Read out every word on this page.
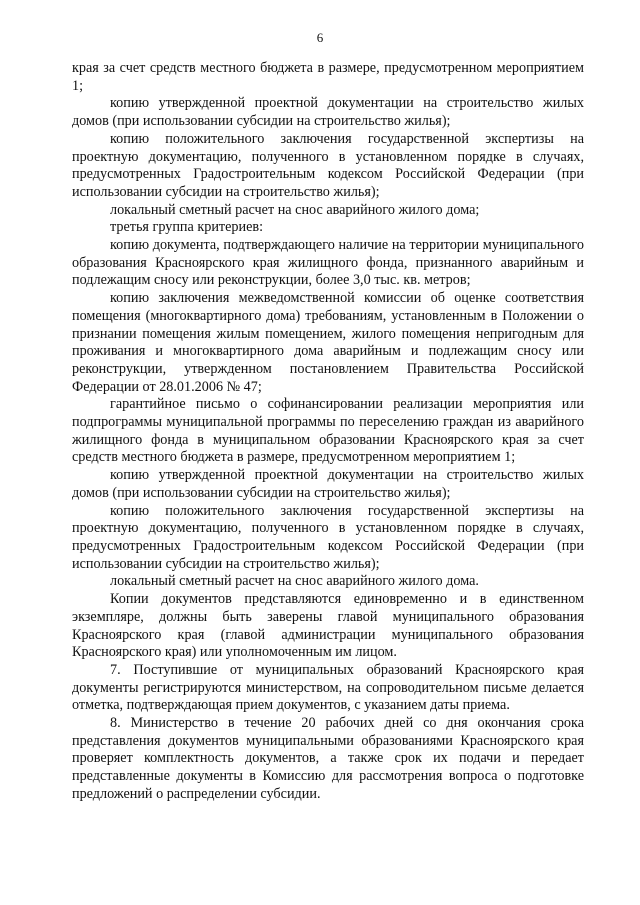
6

края за счет средств местного бюджета в размере, предусмотренном мероприятием 1;

копию утвержденной проектной документации на строительство жилых домов (при использовании субсидии на строительство жилья);

копию положительного заключения государственной экспертизы на проектную документацию, полученного в установленном порядке в случаях, предусмотренных Градостроительным кодексом Российской Федерации (при использовании субсидии на строительство жилья);

локальный сметный расчет на снос аварийного жилого дома;

третья группа критериев:

копию документа, подтверждающего наличие на территории муниципального образования Красноярского края жилищного фонда, признанного аварийным и подлежащим сносу или реконструкции, более 3,0 тыс. кв. метров;

копию заключения межведомственной комиссии об оценке соответствия помещения (многоквартирного дома) требованиям, установленным в Положении о признании помещения жилым помещением, жилого помещения непригодным для проживания и многоквартирного дома аварийным и подлежащим сносу или реконструкции, утвержденном постановлением Правительства Российской Федерации от 28.01.2006 № 47;

гарантийное письмо о софинансировании реализации мероприятия или подпрограммы муниципальной программы по переселению граждан из аварийного жилищного фонда в муниципальном образовании Красноярского края за счет средств местного бюджета в размере, предусмотренном мероприятием 1;

копию утвержденной проектной документации на строительство жилых домов (при использовании субсидии на строительство жилья);

копию положительного заключения государственной экспертизы на проектную документацию, полученного в установленном порядке в случаях, предусмотренных Градостроительным кодексом Российской Федерации (при использовании субсидии на строительство жилья);

локальный сметный расчет на снос аварийного жилого дома.

Копии документов представляются единовременно и в единственном экземпляре, должны быть заверены главой муниципального образования Красноярского края (главой администрации муниципального образования Красноярского края) или уполномоченным им лицом.

7. Поступившие от муниципальных образований Красноярского края документы регистрируются министерством, на сопроводительном письме делается отметка, подтверждающая прием документов, с указанием даты приема.

8. Министерство в течение 20 рабочих дней со дня окончания срока представления документов муниципальными образованиями Красноярского края проверяет комплектность документов, а также срок их подачи и передает представленные документы в Комиссию для рассмотрения вопроса о подготовке предложений о распределении субсидии.
